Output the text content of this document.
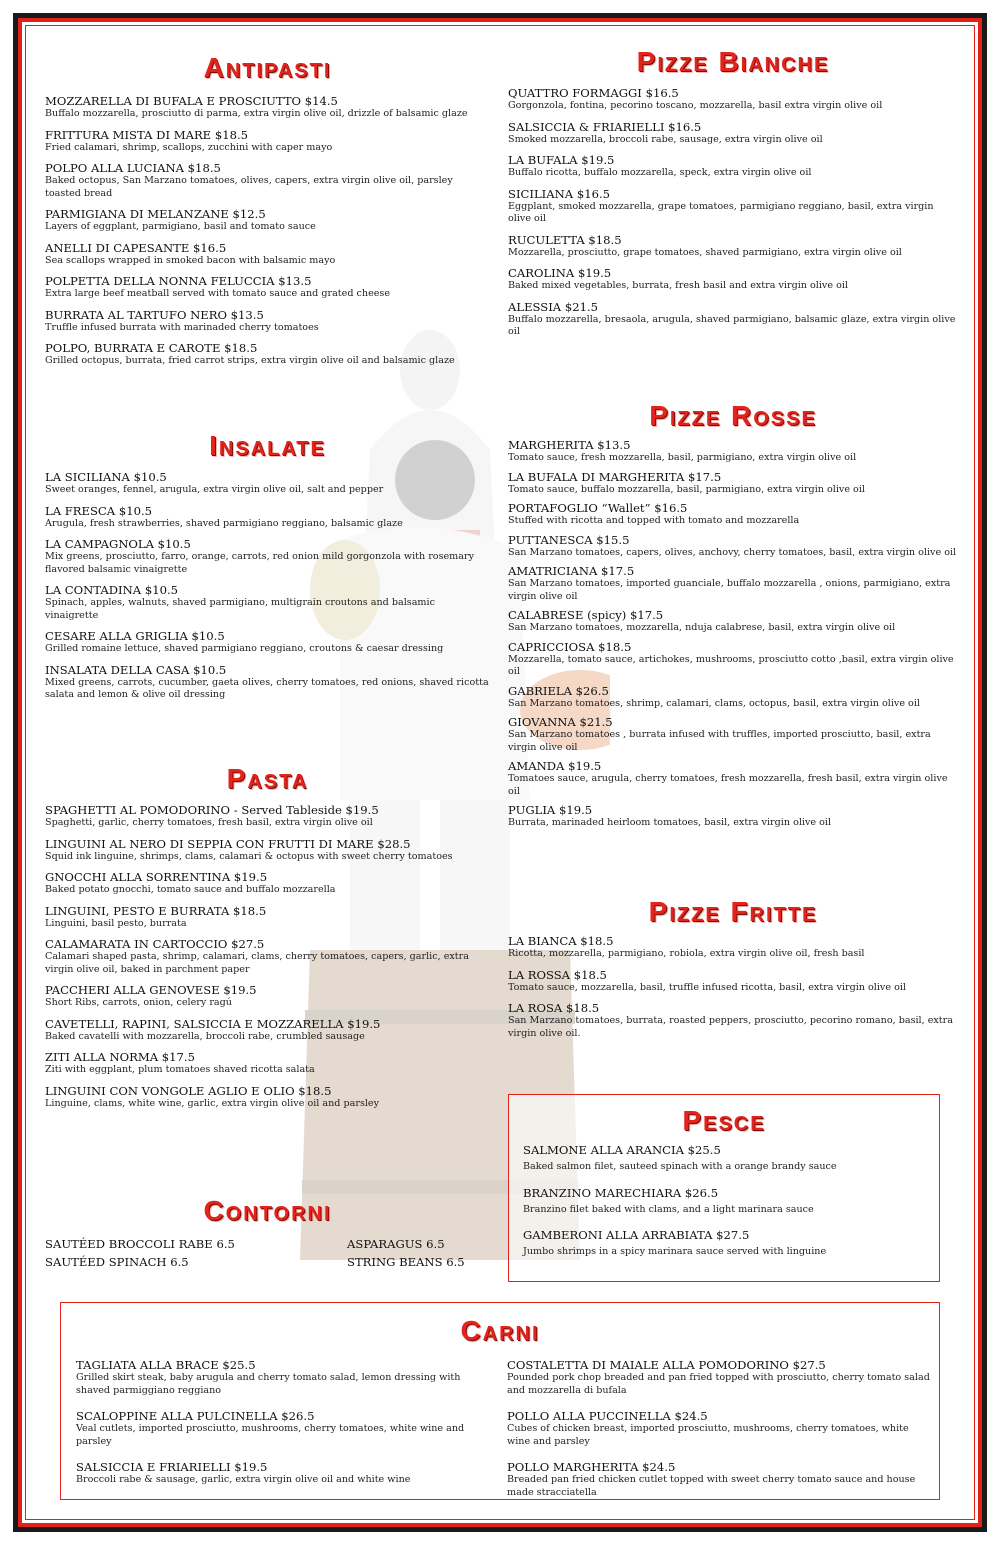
Antipasti
MOZZARELLA DI BUFALA E PROSCIUTTO $14.5
Buffalo mozzarella, prosciutto di parma, extra virgin olive oil, drizzle of balsamic glaze
FRITTURA MISTA DI MARE $18.5
Fried calamari, shrimp, scallops, zucchini with caper mayo
POLPO ALLA LUCIANA $18.5
Baked octopus, San Marzano tomatoes, olives, capers, extra virgin olive oil, parsley toasted bread
PARMIGIANA DI MELANZANE $12.5
Layers of eggplant, parmigiano, basil and tomato sauce
ANELLI DI CAPESANTE $16.5
Sea scallops wrapped in smoked bacon with balsamic mayo
POLPETTA DELLA NONNA FELUCCIA $13.5
Extra large beef meatball served with tomato sauce and grated cheese
BURRATA AL TARTUFO NERO $13.5
Truffle infused burrata with marinaded cherry tomatoes
POLPO, BURRATA E CAROTE $18.5
Grilled octopus, burrata, fried carrot strips, extra virgin olive oil and balsamic glaze
Insalate
LA SICILIANA $10.5
Sweet oranges, fennel, arugula, extra virgin olive oil, salt and pepper
LA FRESCA $10.5
Arugula, fresh strawberries, shaved parmigiano reggiano, balsamic glaze
LA CAMPAGNOLA $10.5
Mix greens, prosciutto, farro, orange, carrots, red onion mild gorgonzola with rosemary flavored balsamic vinaigrette
LA CONTADINA $10.5
Spinach, apples, walnuts, shaved parmigiano, multigrain croutons and balsamic vinaigrette
CESARE ALLA GRIGLIA $10.5
Grilled romaine lettuce, shaved parmigiano reggiano, croutons & caesar dressing
INSALATA DELLA CASA $10.5
Mixed greens, carrots, cucumber, gaeta olives, cherry tomatoes, red onions, shaved ricotta salata and lemon & olive oil dressing
Pasta
SPAGHETTI AL POMODORINO - Served Tableside $19.5
Spaghetti, garlic, cherry tomatoes, fresh basil, extra virgin olive oil
LINGUINI AL NERO DI SEPPIA CON FRUTTI DI MARE $28.5
Squid ink linguine, shrimps, clams, calamari & octopus with sweet cherry tomatoes
GNOCCHI ALLA SORRENTINA $19.5
Baked potato gnocchi, tomato sauce and buffalo mozzarella
LINGUINI, PESTO E BURRATA $18.5
Linguini, basil pesto, burrata
CALAMARATA IN CARTOCCIO $27.5
Calamari shaped pasta, shrimp, calamari, clams, cherry tomatoes, capers, garlic, extra virgin olive oil, baked in parchment paper
PACCHERI ALLA GENOVESE $19.5
Short Ribs, carrots, onion, celery ragú
CAVETELLI, RAPINI, SALSICCIA E MOZZARELLA $19.5
Baked cavatelli with mozzarella, broccoli rabe, crumbled sausage
ZITI ALLA NORMA $17.5
Ziti with eggplant, plum tomatoes shaved ricotta salata
LINGUINI CON VONGOLE AGLIO E OLIO $18.5
Linguine, clams, white wine, garlic, extra virgin olive oil and parsley
Contorni
SAUTÉED BROCCOLI RABE 6.5	ASPARAGUS 6.5
SAUTÉED SPINACH 6.5	STRING BEANS 6.5
Pizze Bianche
QUATTRO FORMAGGI $16.5
Gorgonzola, fontina, pecorino toscano, mozzarella, basil extra virgin olive oil
SALSICCIA & FRIARIELLI $16.5
Smoked mozzarella, broccoli rabe, sausage, extra virgin olive oil
LA BUFALA $19.5
Buffalo ricotta, buffalo mozzarella, speck, extra virgin olive oil
SICILIANA $16.5
Eggplant, smoked mozzarella, grape tomatoes, parmigiano reggiano, basil, extra virgin olive oil
RUCULETTA $18.5
Mozzarella, prosciutto, grape tomatoes, shaved parmigiano, extra virgin olive oil
CAROLINA $19.5
Baked mixed vegetables, burrata, fresh basil and extra virgin olive oil
ALESSIA $21.5
Buffalo mozzarella, bresaola, arugula, shaved parmigiano, balsamic glaze, extra virgin olive oil
Pizze Rosse
MARGHERITA $13.5
Tomato sauce, fresh mozzarella, basil, parmigiano, extra virgin olive oil
LA BUFALA DI MARGHERITA $17.5
Tomato sauce, buffalo mozzarella, basil, parmigiano, extra virgin olive oil
PORTAFOGLIO “Wallet” $16.5
Stuffed with ricotta and topped with tomato and mozzarella
PUTTANESCA $15.5
San Marzano tomatoes, capers, olives, anchovy, cherry tomatoes, basil, extra virgin olive oil
AMATRICIANA $17.5
San Marzano tomatoes, imported guanciale, buffalo mozzarella , onions, parmigiano, extra virgin olive oil
CALABRESE (spicy) $17.5
San Marzano tomatoes, mozzarella, nduja calabrese, basil, extra virgin olive oil
CAPRICCIOSA $18.5
Mozzarella, tomato sauce, artichokes, mushrooms, prosciutto cotto ,basil, extra virgin olive oil
GABRIELA $26.5
San Marzano tomatoes, shrimp, calamari, clams, octopus, basil, extra virgin olive oil
GIOVANNA $21.5
San Marzano tomatoes , burrata infused with truffles, imported prosciutto, basil, extra virgin olive oil
AMANDA $19.5
Tomatoes sauce, arugula, cherry tomatoes, fresh mozzarella, fresh basil, extra virgin olive oil
PUGLIA $19.5
Burrata, marinaded heirloom tomatoes, basil, extra virgin olive oil
Pizze Fritte
LA BIANCA $18.5
Ricotta, mozzarella, parmigiano, robiola, extra virgin olive oil, fresh basil
LA ROSSA $18.5
Tomato sauce, mozzarella, basil, truffle infused ricotta, basil, extra virgin olive oil
LA ROSA $18.5
San Marzano tomatoes, burrata, roasted peppers, prosciutto, pecorino romano, basil, extra virgin olive oil.
Pesce
SALMONE ALLA ARANCIA $25.5
Baked salmon filet, sauteed spinach with a orange brandy sauce
BRANZINO MARECHIARA $26.5
Branzino filet baked with clams, and a light marinara sauce
GAMBERONI ALLA ARRABIATA $27.5
Jumbo shrimps in a spicy marinara sauce served with linguine
Carni
TAGLIATA ALLA BRACE $25.5
Grilled skirt steak, baby arugula and cherry tomato salad, lemon dressing with shaved parmiggiano reggiano
SCALOPPINE ALLA PULCINELLA $26.5
Veal cutlets, imported prosciutto, mushrooms, cherry tomatoes, white wine and parsley
SALSICCIA E FRIARIELLI $19.5
Broccoli rabe & sausage, garlic, extra virgin olive oil and white wine
COSTALETTA DI MAIALE ALLA POMODORINO $27.5
Pounded pork chop breaded and pan fried topped with prosciutto, cherry tomato salad and mozzarella di bufala
POLLO ALLA PUCCINELLA $24.5
Cubes of chicken breast, imported prosciutto, mushrooms, cherry tomatoes, white wine and parsley
POLLO MARGHERITA $24.5
Breaded pan fried chicken cutlet topped with sweet cherry tomato sauce and house made stracciatella
